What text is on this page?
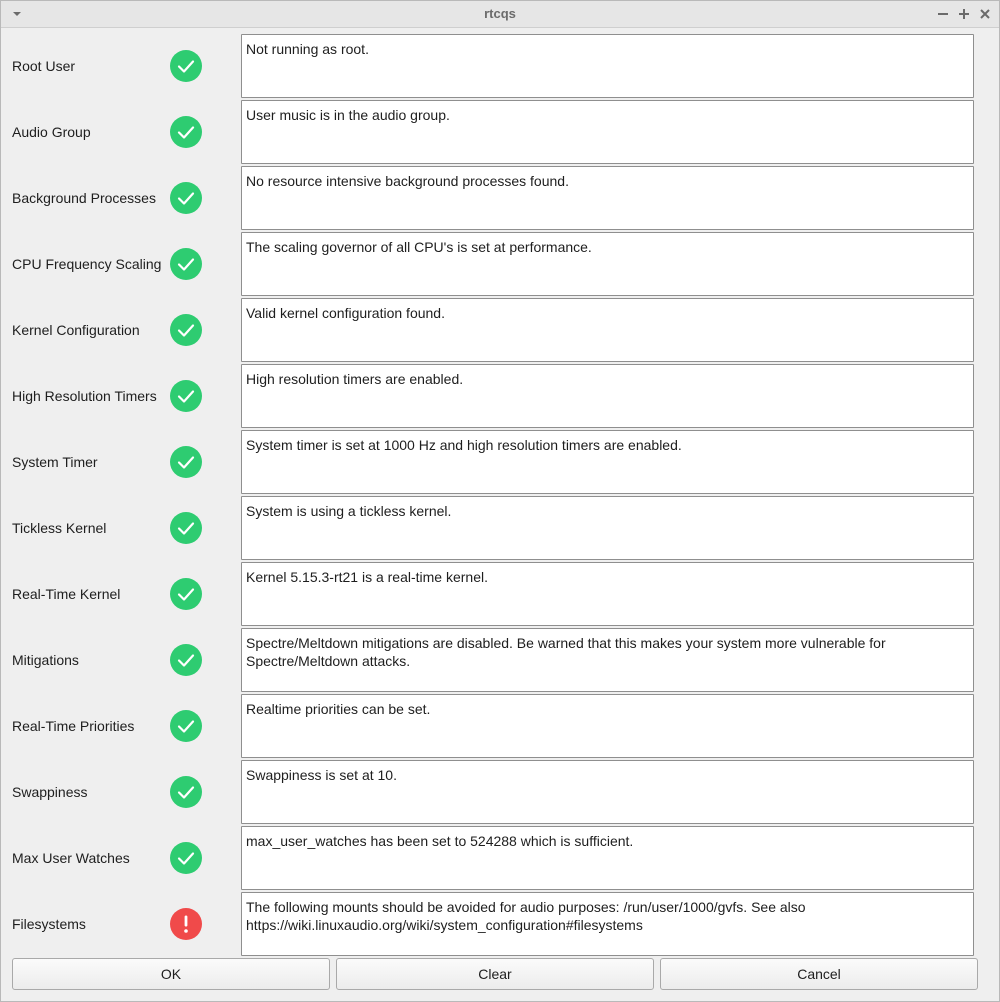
rtcqs
Root User
Not running as root.
Audio Group
User music is in the audio group.
Background Processes
No resource intensive background processes found.
CPU Frequency Scaling
The scaling governor of all CPU's is set at performance.
Kernel Configuration
Valid kernel configuration found.
High Resolution Timers
High resolution timers are enabled.
System Timer
System timer is set at 1000 Hz and high resolution timers are enabled.
Tickless Kernel
System is using a tickless kernel.
Real-Time Kernel
Kernel 5.15.3-rt21 is a real-time kernel.
Mitigations
Spectre/Meltdown mitigations are disabled. Be warned that this makes your system more vulnerable for Spectre/Meltdown attacks.
Real-Time Priorities
Realtime priorities can be set.
Swappiness
Swappiness is set at 10.
Max User Watches
max_user_watches has been set to 524288 which is sufficient.
Filesystems
The following mounts should be avoided for audio purposes: /run/user/1000/gvfs. See also https://wiki.linuxaudio.org/wiki/system_configuration#filesystems
OK	Clear	Cancel
